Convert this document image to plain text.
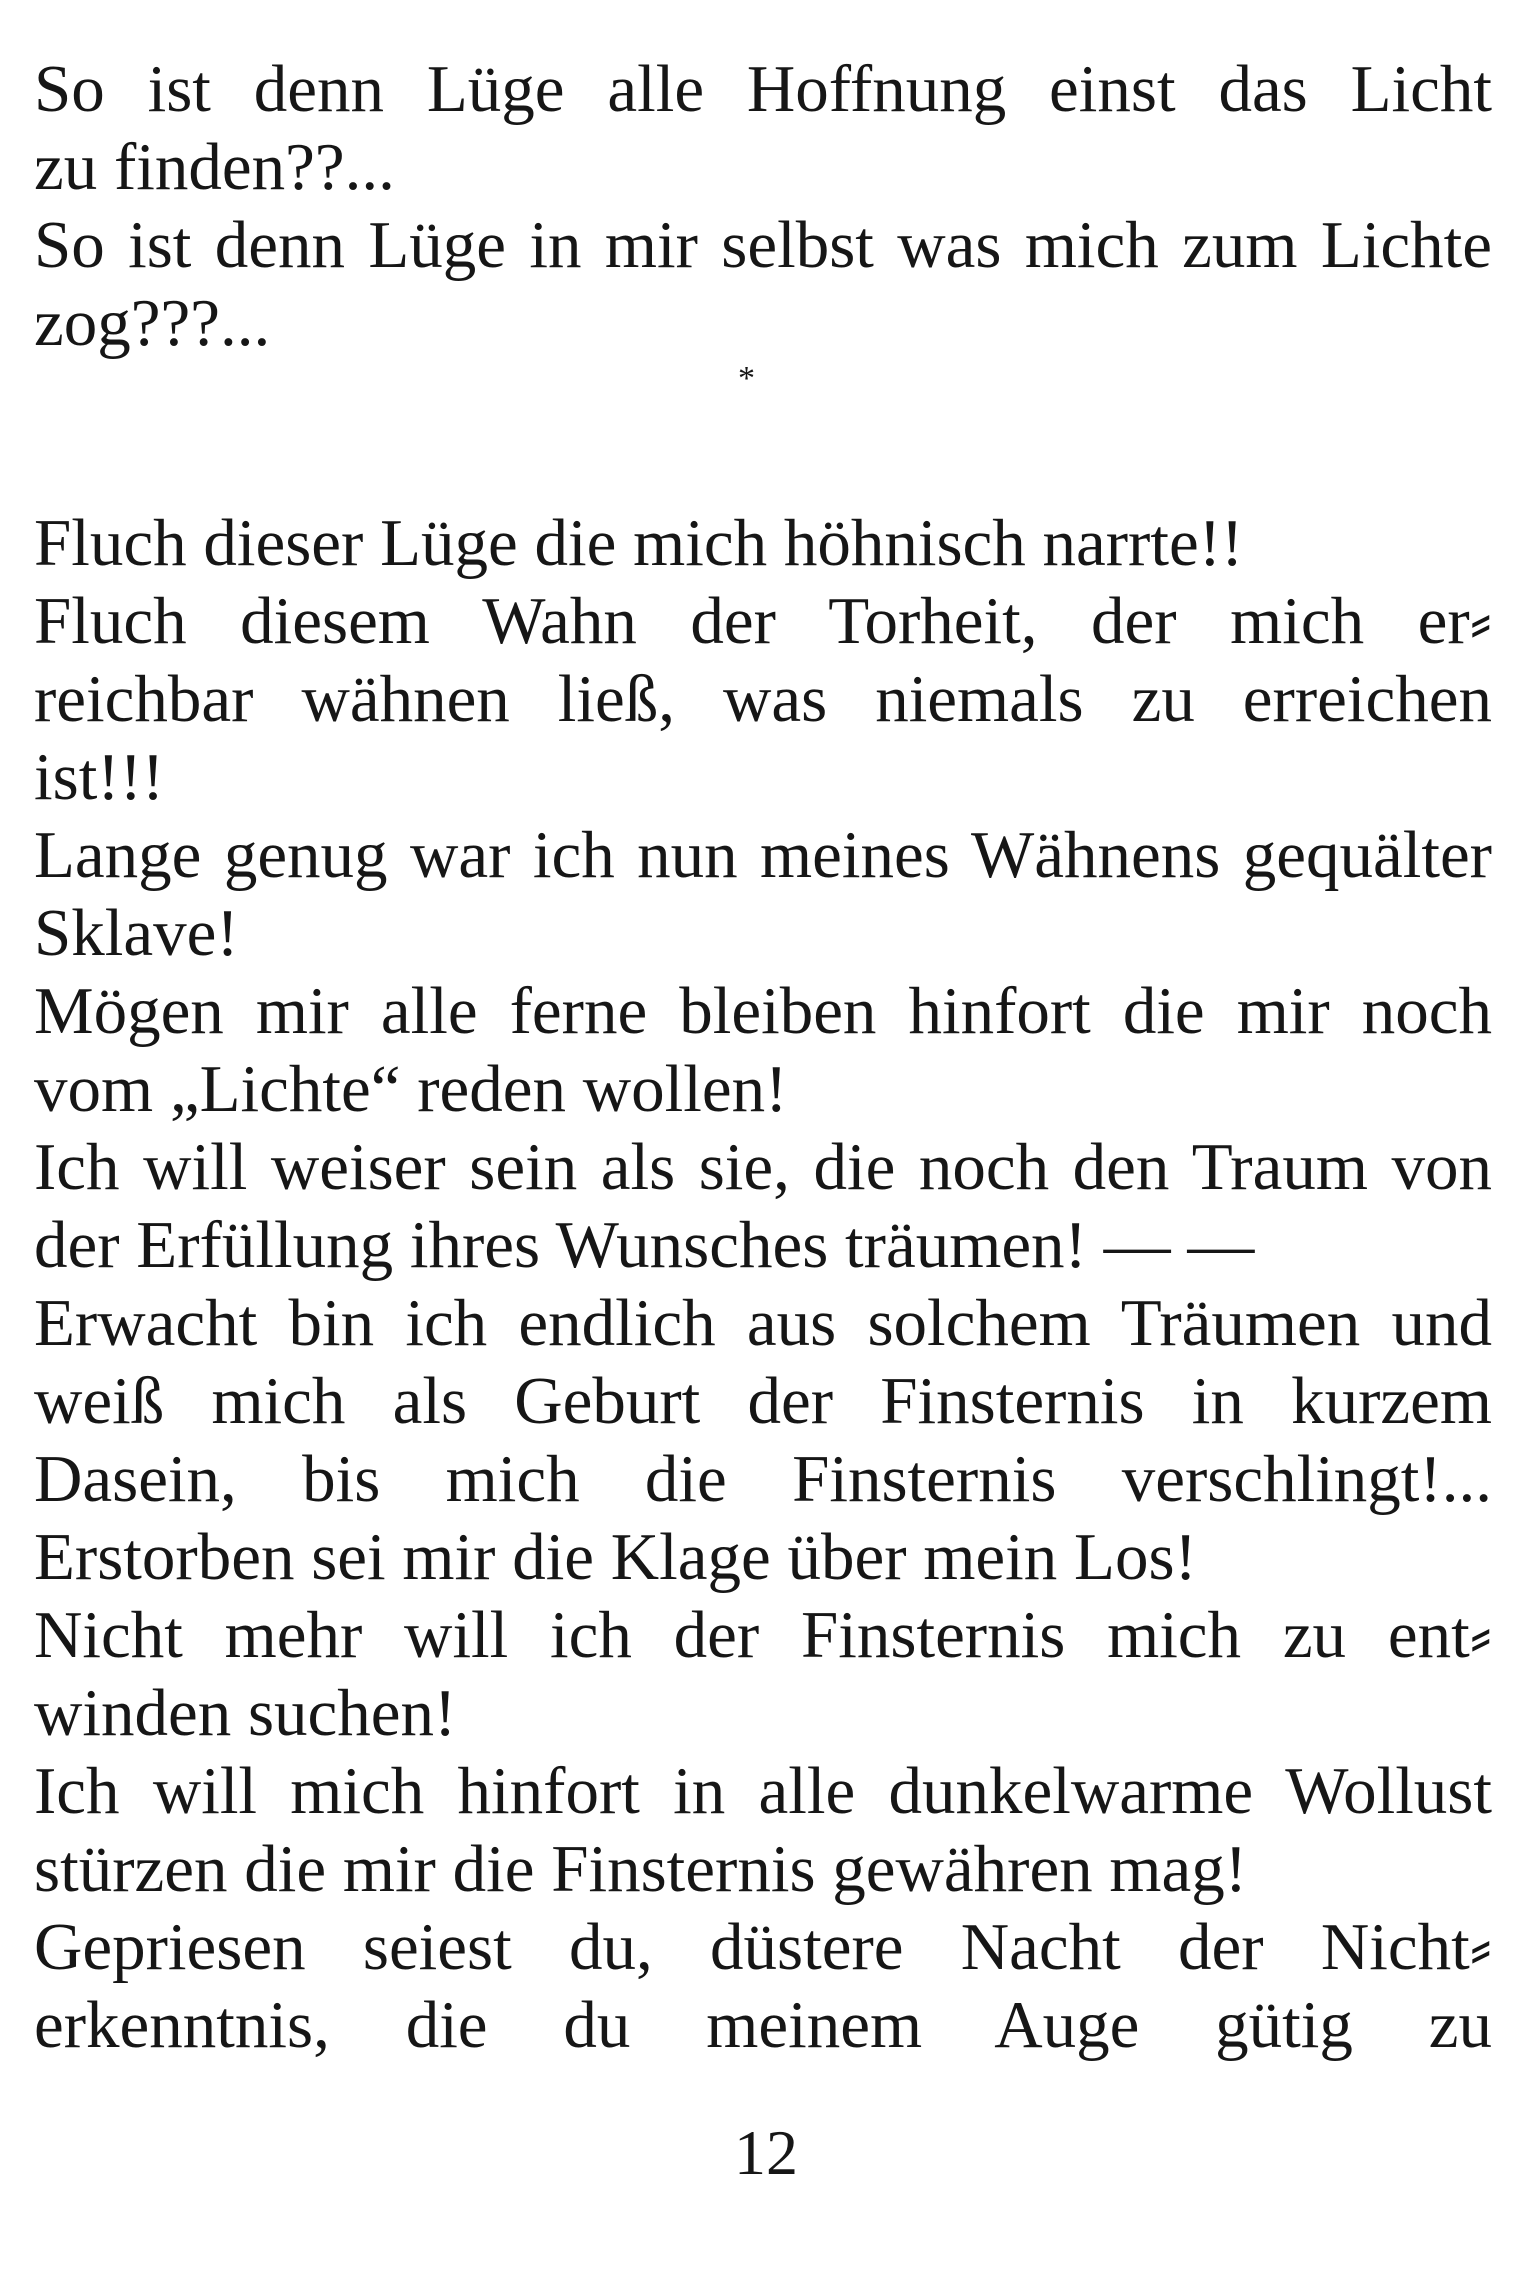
So ist denn Lüge alle Hoffnung einst das Licht
zu finden??...
So ist denn Lüge in mir selbst was mich zum Lichte
zog???...
*
Fluch dieser Lüge die mich höhnisch narrte!!
Fluch diesem Wahn der Torheit, der mich er⸗
reichbar wähnen ließ, was niemals zu erreichen
ist!!!
Lange genug war ich nun meines Wähnens gequälter
Sklave!
Mögen mir alle ferne bleiben hinfort die mir noch
vom „Lichte“ reden wollen!
Ich will weiser sein als sie, die noch den Traum von
der Erfüllung ihres Wunsches träumen! — —
Erwacht bin ich endlich aus solchem Träumen und
weiß mich als Geburt der Finsternis in kurzem
Dasein, bis mich die Finsternis verschlingt!...
Erstorben sei mir die Klage über mein Los!
Nicht mehr will ich der Finsternis mich zu ent⸗
winden suchen!
Ich will mich hinfort in alle dunkelwarme Wollust
stürzen die mir die Finsternis gewähren mag!
Gepriesen seiest du, düstere Nacht der Nicht⸗
erkenntnis, die du meinem Auge gütig zu
12
